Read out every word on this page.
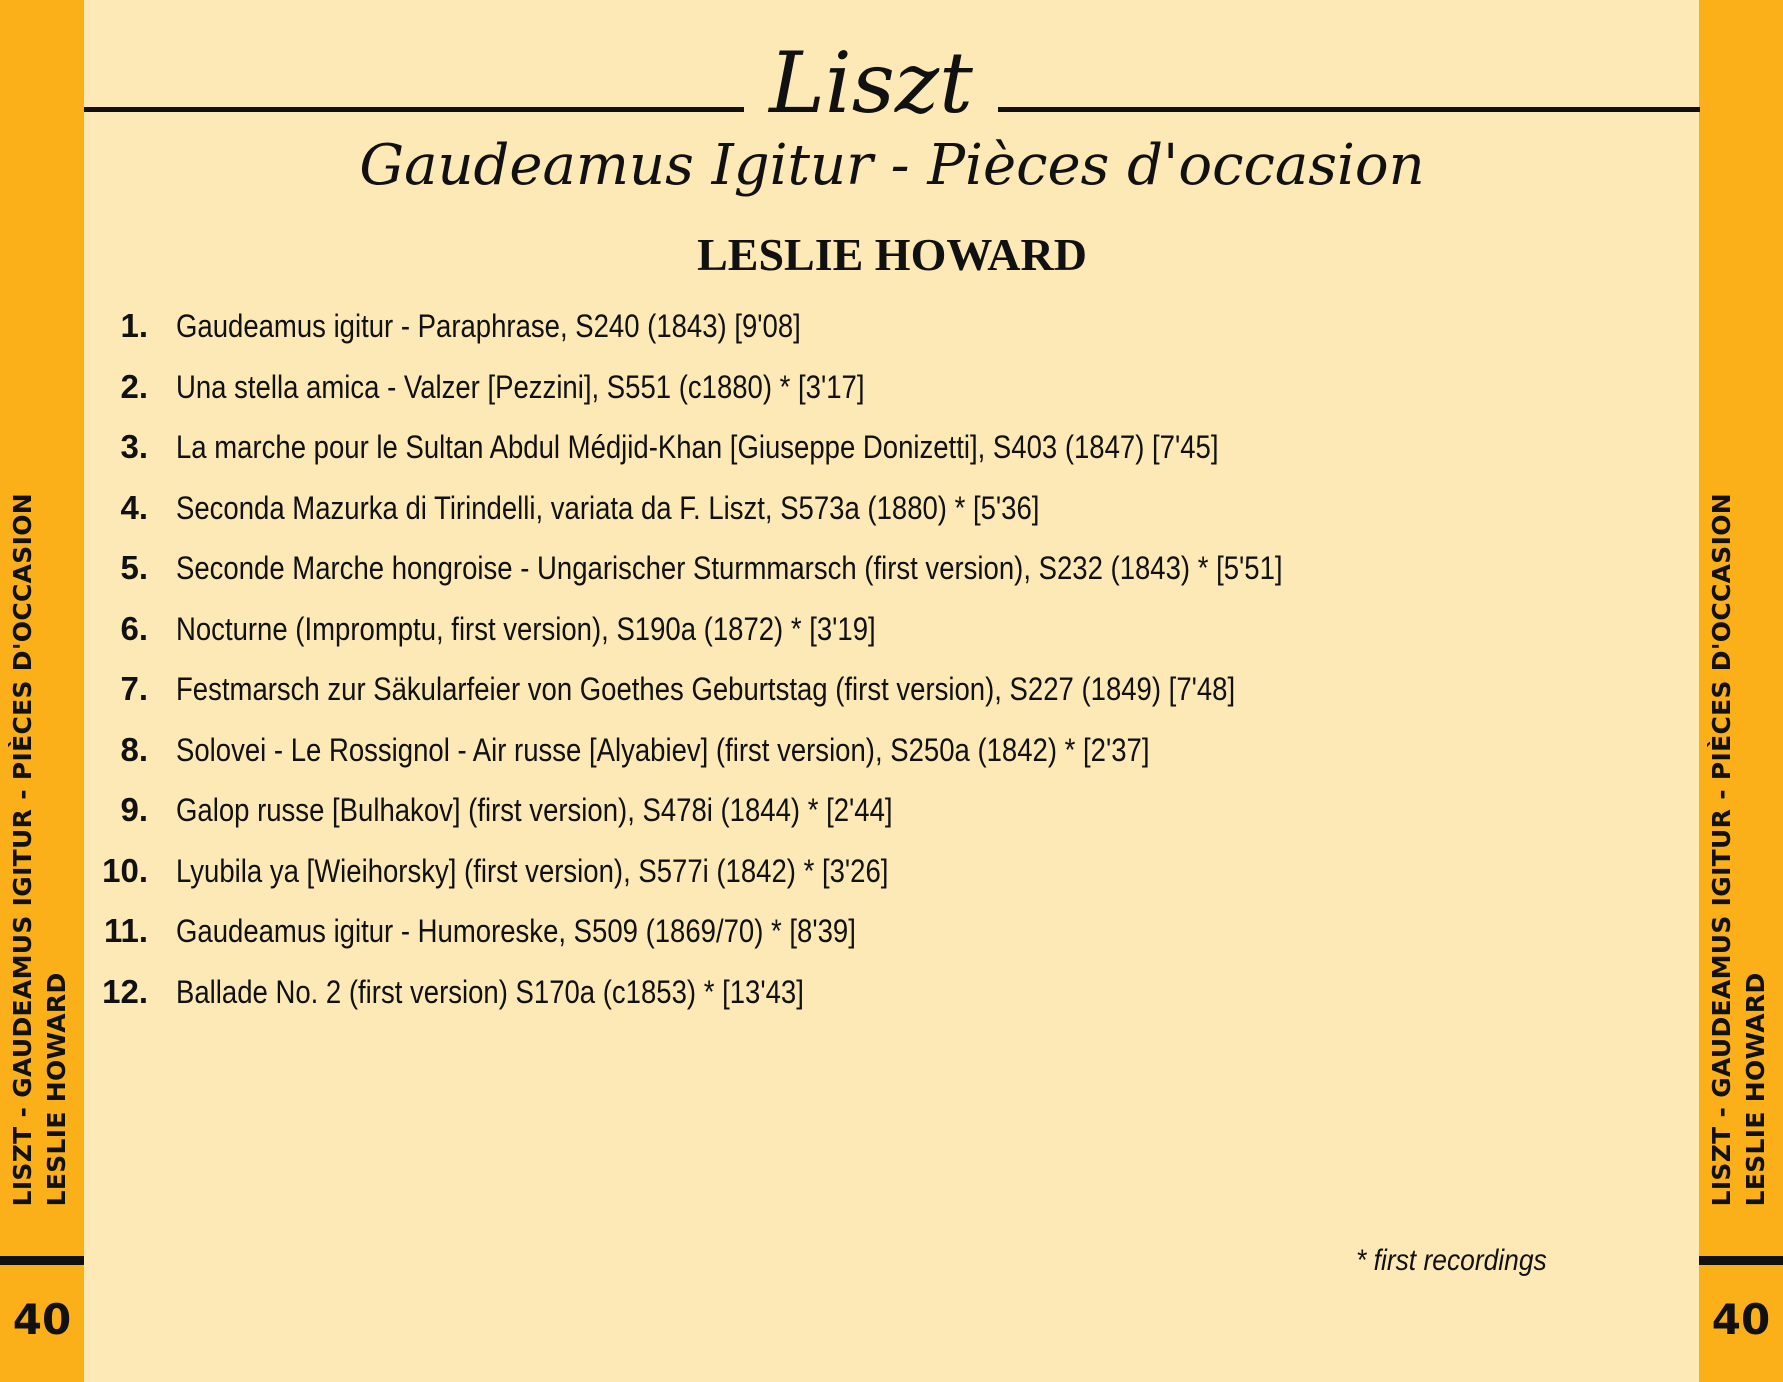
LISZT - GAUDEAMUS IGITUR - PIÈCES D'OCCASION LESLIE HOWARD
40
LISZT - GAUDEAMUS IGITUR - PIÈCES D'OCCASION LESLIE HOWARD
40
Liszt
Gaudeamus Igitur - Pièces d'occasion
LESLIE HOWARD
1. Gaudeamus igitur - Paraphrase, S240 (1843) [9'08]
2. Una stella amica - Valzer [Pezzini], S551 (c1880) * [3'17]
3. La marche pour le Sultan Abdul Médjid-Khan [Giuseppe Donizetti], S403 (1847) [7'45]
4. Seconda Mazurka di Tirindelli, variata da F. Liszt, S573a (1880) * [5'36]
5. Seconde Marche hongroise - Ungarischer Sturmmarsch (first version), S232 (1843) * [5'51]
6. Nocturne (Impromptu, first version), S190a (1872) * [3'19]
7. Festmarsch zur Säkularfeier von Goethes Geburtstag (first version), S227 (1849) [7'48]
8. Solovei - Le Rossignol - Air russe [Alyabiev] (first version), S250a (1842) * [2'37]
9. Galop russe [Bulhakov] (first version), S478i (1844) * [2'44]
10. Lyubila ya [Wieihorsky] (first version), S577i (1842) * [3'26]
11. Gaudeamus igitur - Humoreske, S509 (1869/70) * [8'39]
12. Ballade No. 2 (first version) S170a (c1853) * [13'43]
* first recordings
